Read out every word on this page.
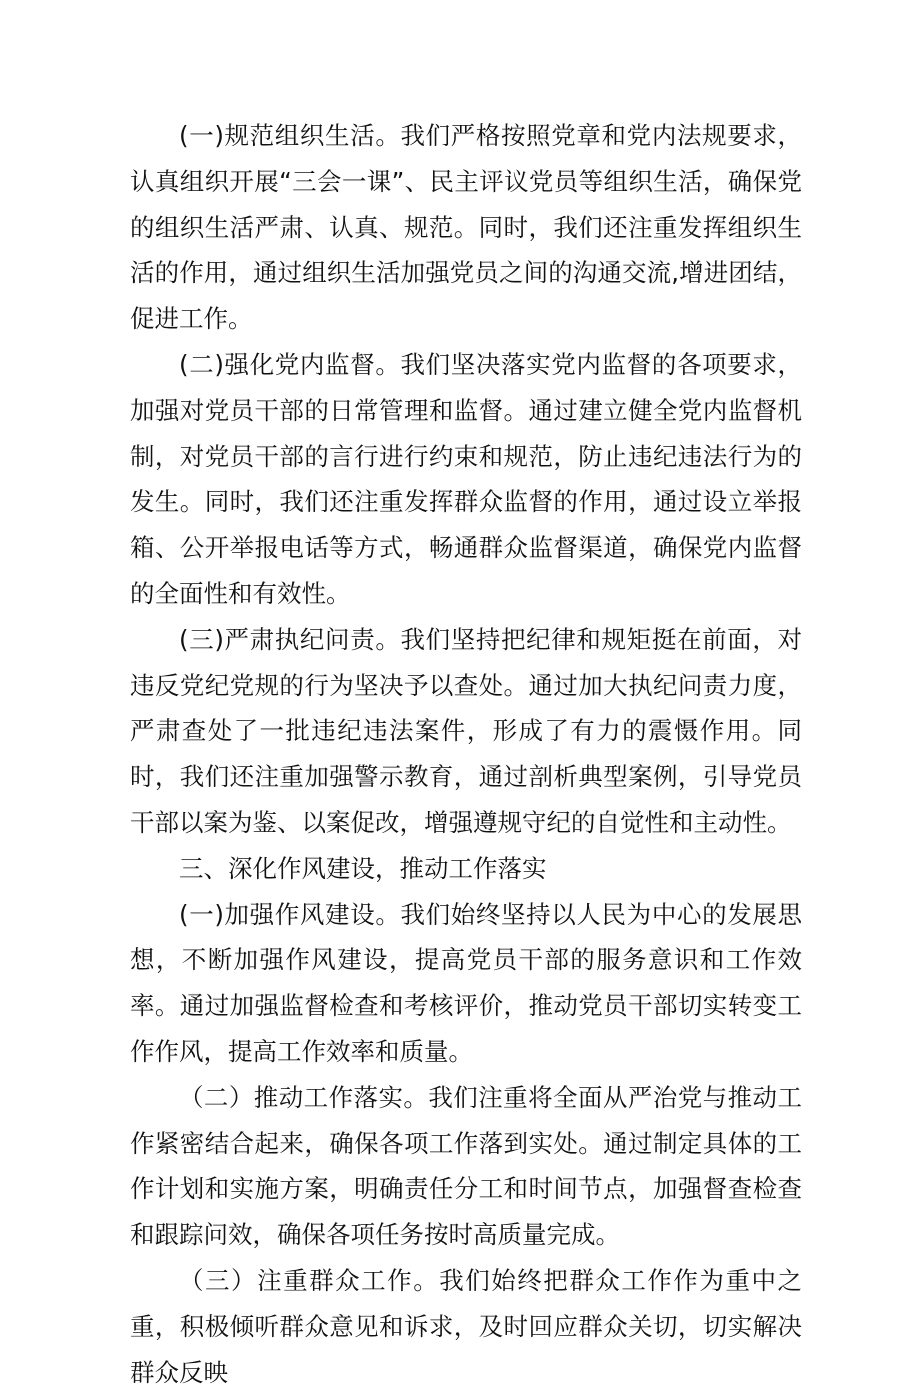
(一)规范组织生活。我们严格按照党章和党内法规要求，认真组织开展“三会一课”、民主评议党员等组织生活，确保党的组织生活严肃、认真、规范。同时，我们还注重发挥组织生活的作用，通过组织生活加强党员之间的沟通交流,增进团结，促进工作。

(二)强化党内监督。我们坚决落实党内监督的各项要求，加强对党员干部的日常管理和监督。通过建立健全党内监督机制，对党员干部的言行进行约束和规范，防止违纪违法行为的发生。同时，我们还注重发挥群众监督的作用，通过设立举报箱、公开举报电话等方式，畅通群众监督渠道，确保党内监督的全面性和有效性。

(三)严肃执纪问责。我们坚持把纪律和规矩挺在前面，对违反党纪党规的行为坚决予以查处。通过加大执纪问责力度，严肃查处了一批违纪违法案件，形成了有力的震慑作用。同时，我们还注重加强警示教育，通过剖析典型案例，引导党员干部以案为鉴、以案促改，增强遵规守纪的自觉性和主动性。

三、深化作风建设，推动工作落实

(一)加强作风建设。我们始终坚持以人民为中心的发展思想，不断加强作风建设，提高党员干部的服务意识和工作效率。通过加强监督检查和考核评价，推动党员干部切实转变工作作风，提高工作效率和质量。

（二）推动工作落实。我们注重将全面从严治党与推动工作紧密结合起来，确保各项工作落到实处。通过制定具体的工作计划和实施方案，明确责任分工和时间节点，加强督查检查和跟踪问效，确保各项任务按时高质量完成。

（三）注重群众工作。我们始终把群众工作作为重中之重，积极倾听群众意见和诉求，及时回应群众关切，切实解决群众反映
